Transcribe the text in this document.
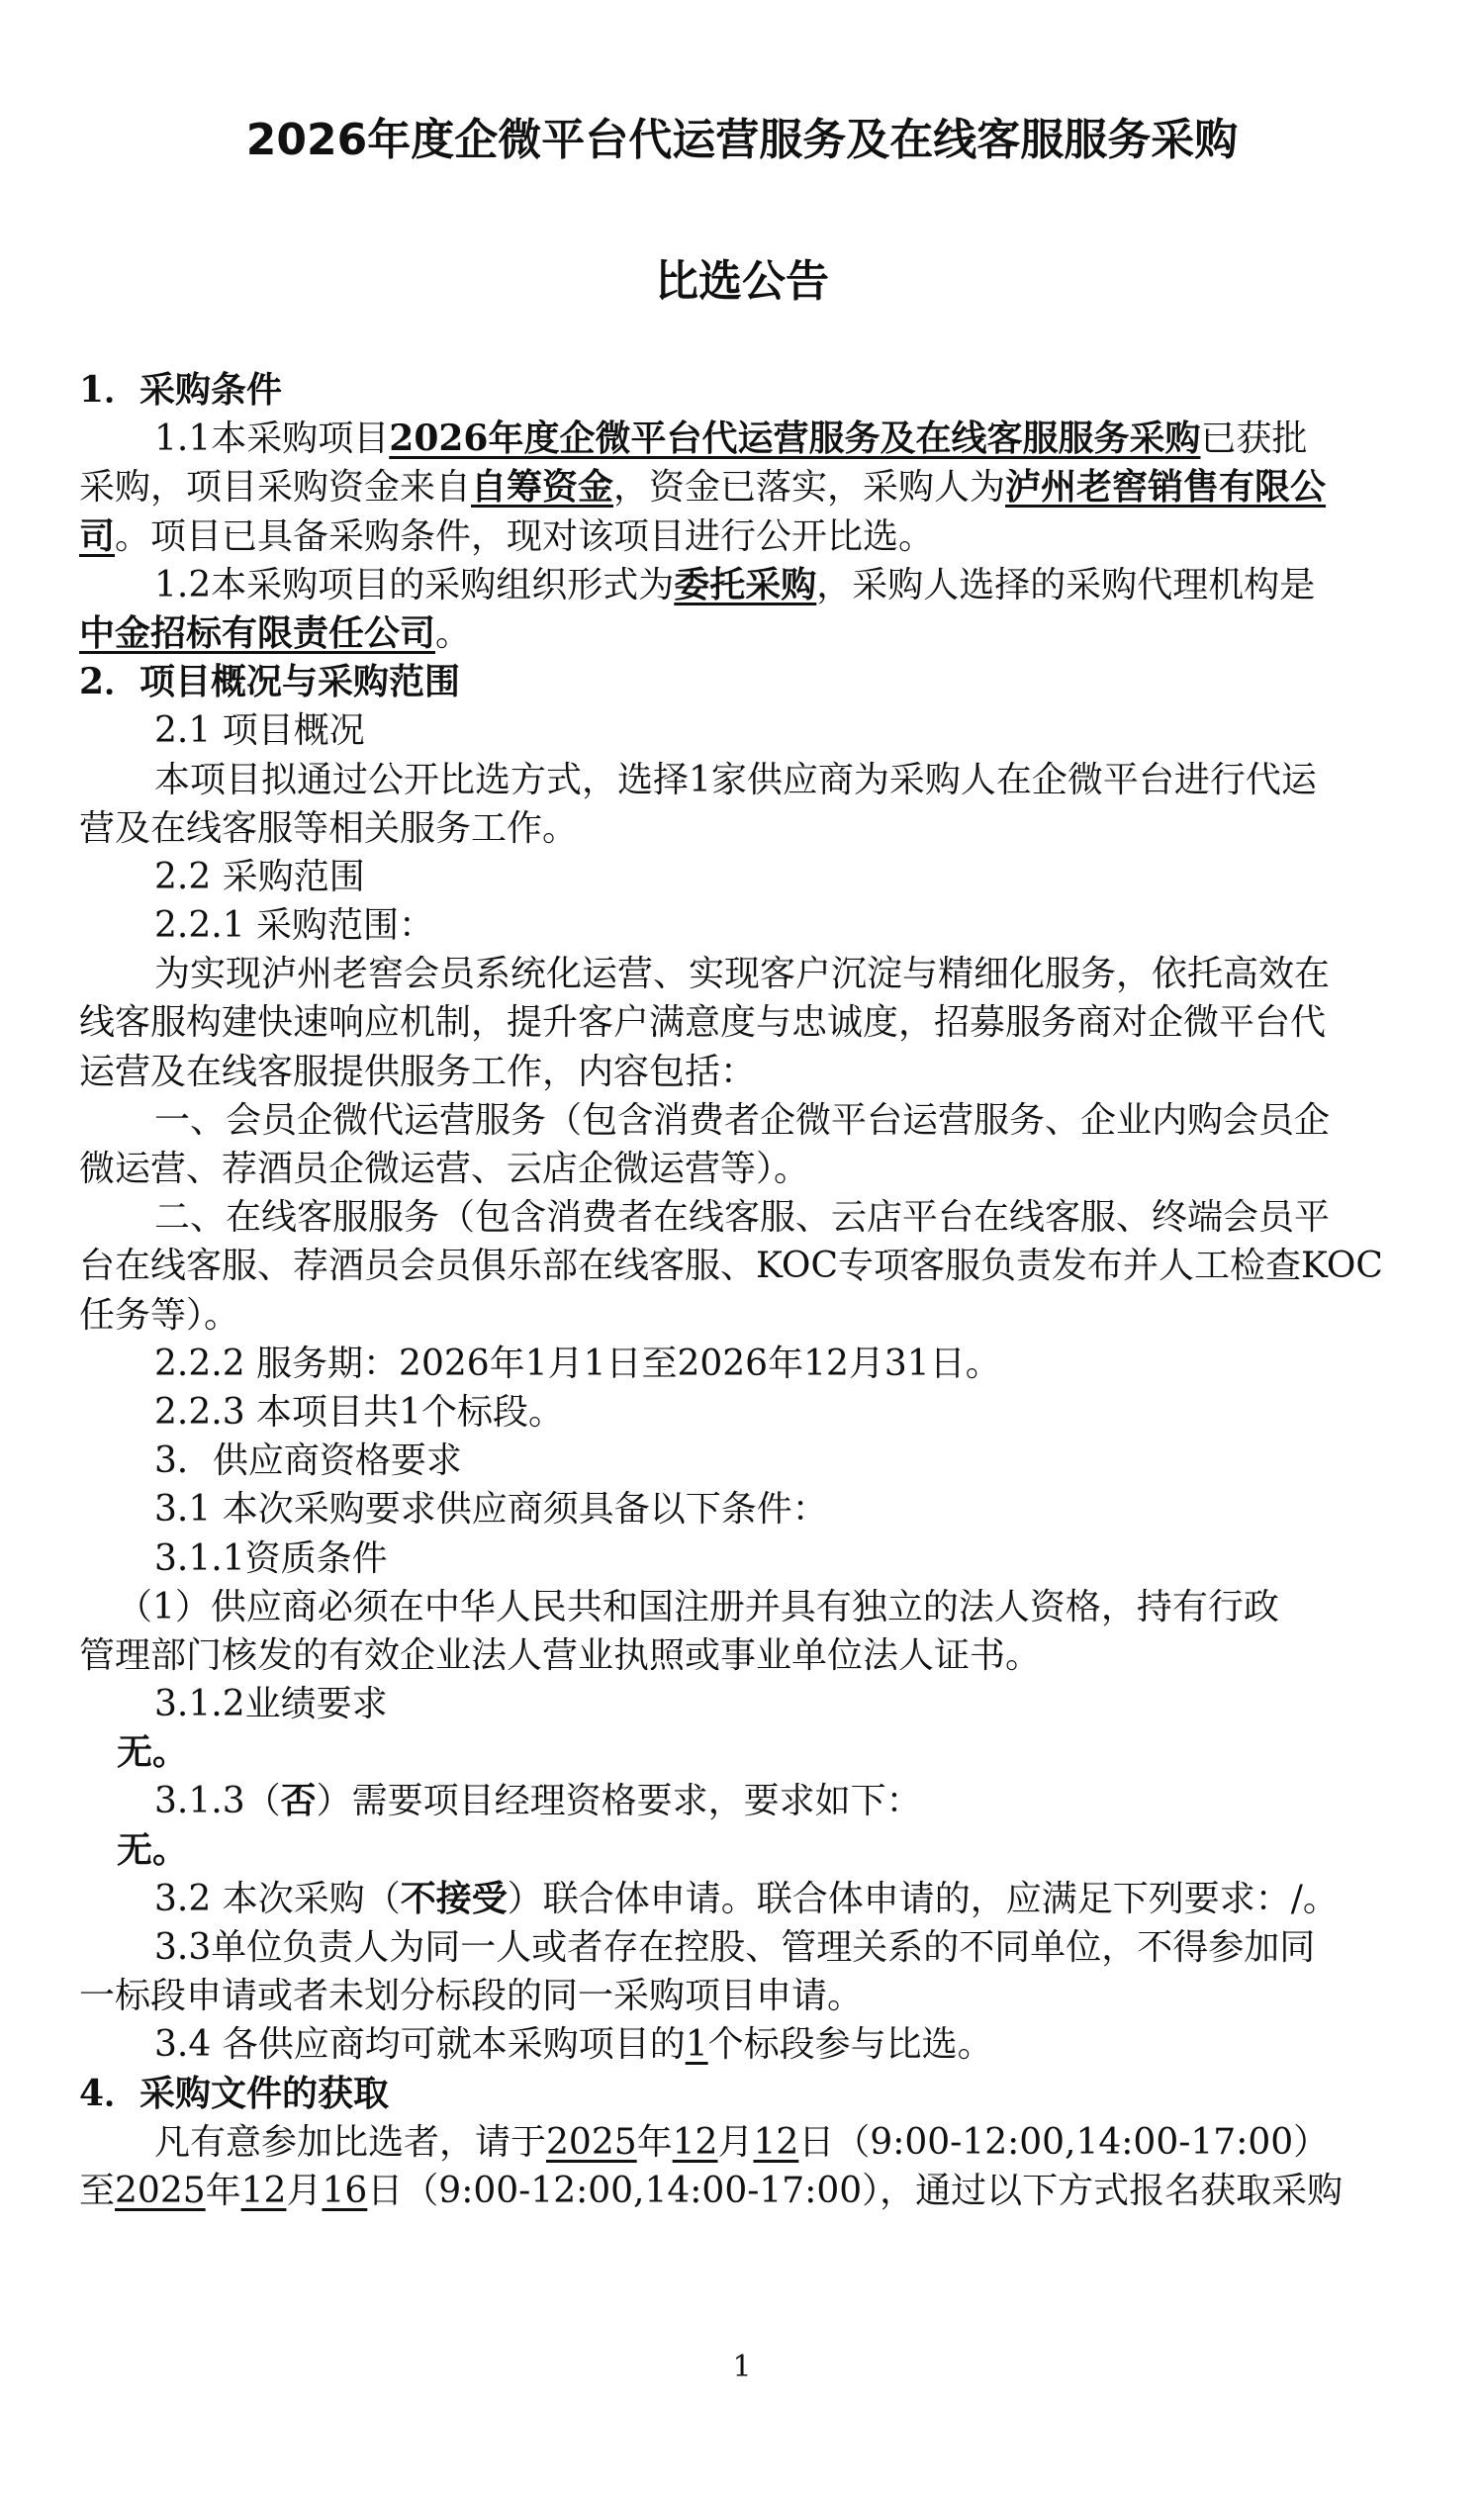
2026年度企微平台代运营服务及在线客服服务采购
比选公告
1．采购条件
1.1本采购项目2026年度企微平台代运营服务及在线客服服务采购已获批
采购，项目采购资金来自自筹资金，资金已落实，采购人为泸州老窖销售有限公
司。项目已具备采购条件，现对该项目进行公开比选。
1.2本采购项目的采购组织形式为委托采购，采购人选择的采购代理机构是
中金招标有限责任公司。
2．项目概况与采购范围
2.1 项目概况
本项目拟通过公开比选方式，选择1家供应商为采购人在企微平台进行代运
营及在线客服等相关服务工作。
2.2 采购范围
2.2.1 采购范围：
为实现泸州老窖会员系统化运营、实现客户沉淀与精细化服务，依托高效在
线客服构建快速响应机制，提升客户满意度与忠诚度，招募服务商对企微平台代
运营及在线客服提供服务工作，内容包括：
一、会员企微代运营服务（包含消费者企微平台运营服务、企业内购会员企
微运营、荐酒员企微运营、云店企微运营等）。
二、在线客服服务（包含消费者在线客服、云店平台在线客服、终端会员平
台在线客服、荐酒员会员俱乐部在线客服、KOC专项客服负责发布并人工检查KOC
任务等）。
2.2.2 服务期：2026年1月1日至2026年12月31日。
2.2.3 本项目共1个标段。
3．供应商资格要求
3.1 本次采购要求供应商须具备以下条件：
3.1.1资质条件
（1）供应商必须在中华人民共和国注册并具有独立的法人资格，持有行政
管理部门核发的有效企业法人营业执照或事业单位法人证书。
3.1.2业绩要求
无。
3.1.3（否）需要项目经理资格要求，要求如下：
无。
3.2 本次采购（不接受）联合体申请。联合体申请的，应满足下列要求：/。
3.3单位负责人为同一人或者存在控股、管理关系的不同单位，不得参加同
一标段申请或者未划分标段的同一采购项目申请。
3.4 各供应商均可就本采购项目的1个标段参与比选。
4．采购文件的获取
凡有意参加比选者，请于2025年12月12日（9:00-12:00,14:00-17:00）
至2025年12月16日（9:00-12:00,14:00-17:00），通过以下方式报名获取采购
1
